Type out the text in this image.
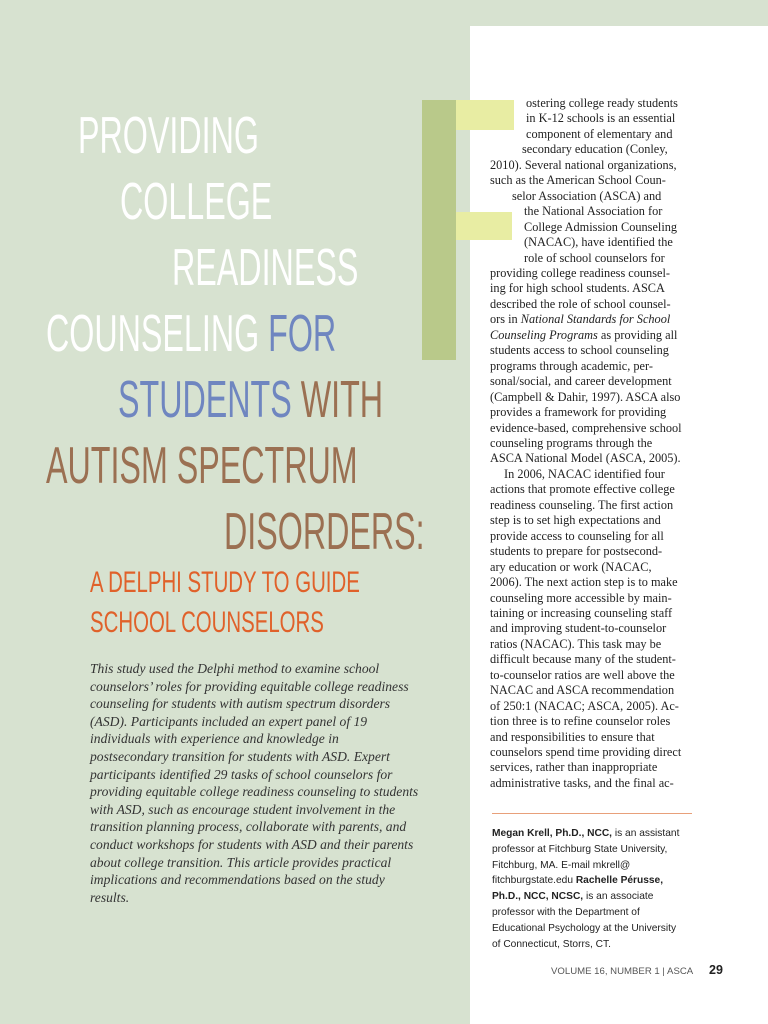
PROVIDING
COLLEGE
READINESS
COUNSELING FOR
STUDENTS WITH
AUTISM SPECTRUM
DISORDERS:
A DELPHI STUDY TO GUIDE
SCHOOL COUNSELORS

This study used the Delphi method to examine school counselors’ roles for providing equitable college readiness counseling for students with autism spectrum disorders (ASD). Participants included an expert panel of 19 individuals with experience and knowledge in postsecondary transition for students with ASD. Expert participants identified 29 tasks of school counselors for providing equitable college readiness counseling to students with ASD, such as encourage student involvement in the transition planning process, collaborate with parents, and conduct workshops for students with ASD and their parents about college transition. This article provides practical implications and recommendations based on the study results.

ostering college ready students
in K-12 schools is an essential
component of elementary and
secondary education (Conley,
2010). Several national organizations,
such as the American School Coun-
selor Association (ASCA) and
the National Association for
College Admission Counseling
(NACAC), have identified the
role of school counselors for
providing college readiness counsel-
ing for high school students. ASCA
described the role of school counsel-
ors in National Standards for School
Counseling Programs as providing all
students access to school counseling
programs through academic, per-
sonal/social, and career development
(Campbell & Dahir, 1997). ASCA also
provides a framework for providing
evidence-based, comprehensive school
counseling programs through the
ASCA National Model (ASCA, 2005).
In 2006, NACAC identified four
actions that promote effective college
readiness counseling. The first action
step is to set high expectations and
provide access to counseling for all
students to prepare for postsecond-
ary education or work (NACAC,
2006). The next action step is to make
counseling more accessible by main-
taining or increasing counseling staff
and improving student-to-counselor
ratios (NACAC). This task may be
difficult because many of the student-
to-counselor ratios are well above the
NACAC and ASCA recommendation
of 250:1 (NACAC; ASCA, 2005). Ac-
tion three is to refine counselor roles
and responsibilities to ensure that
counselors spend time providing direct
services, rather than inappropriate
administrative tasks, and the final ac-
Megan Krell, Ph.D., NCC, is an assistant
professor at Fitchburg State University,
Fitchburg, MA. E-mail mkrell@
fitchburgstate.edu Rachelle Pérusse,
Ph.D., NCC, NCSC, is an associate
professor with the Department of
Educational Psychology at the University
of Connecticut, Storrs, CT.
VOLUME 16, NUMBER 1 | ASCA 29
